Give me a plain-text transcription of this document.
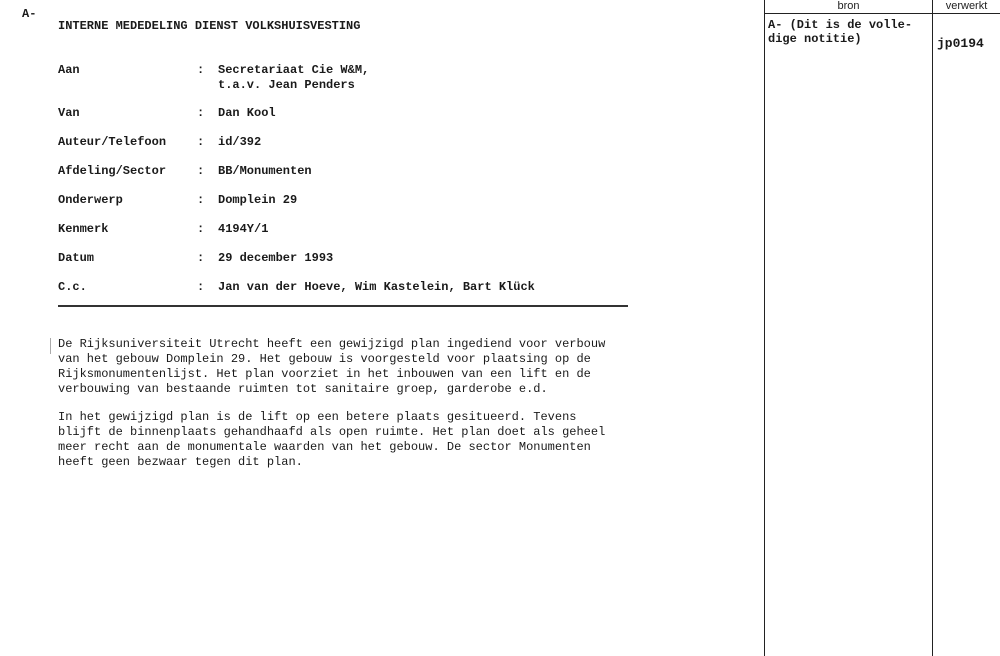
A-
INTERNE MEDEDELING DIENST VOLKSHUISVESTING
Aan	: Secretariaat Cie W&M,
t.a.v. Jean Penders
Van	: Dan Kool
Auteur/Telefoon	: id/392
Afdeling/Sector	: BB/Monumenten
Onderwerp	: Domplein 29
Kenmerk	: 4194Y/1
Datum	: 29 december 1993
C.c.	: Jan van der Hoeve, Wim Kastelein, Bart Klück
De Rijksuniversiteit Utrecht heeft een gewijzigd plan ingediend voor verbouw
van het gebouw Domplein 29. Het gebouw is voorgesteld voor plaatsing op de
Rijksmonumentenlijst. Het plan voorziet in het inbouwen van een lift en de
verbouwing van bestaande ruimten tot sanitaire groep, garderobe e.d.
In het gewijzigd plan is de lift op een betere plaats gesitueerd. Tevens
blijft de binnenplaats gehandhaafd als open ruimte. Het plan doet als geheel
meer recht aan de monumentale waarden van het gebouw. De sector Monumenten
heeft geen bezwaar tegen dit plan.
bron	verwerkt
A- (Dit is de volle-
dige notitie)	jp0194
